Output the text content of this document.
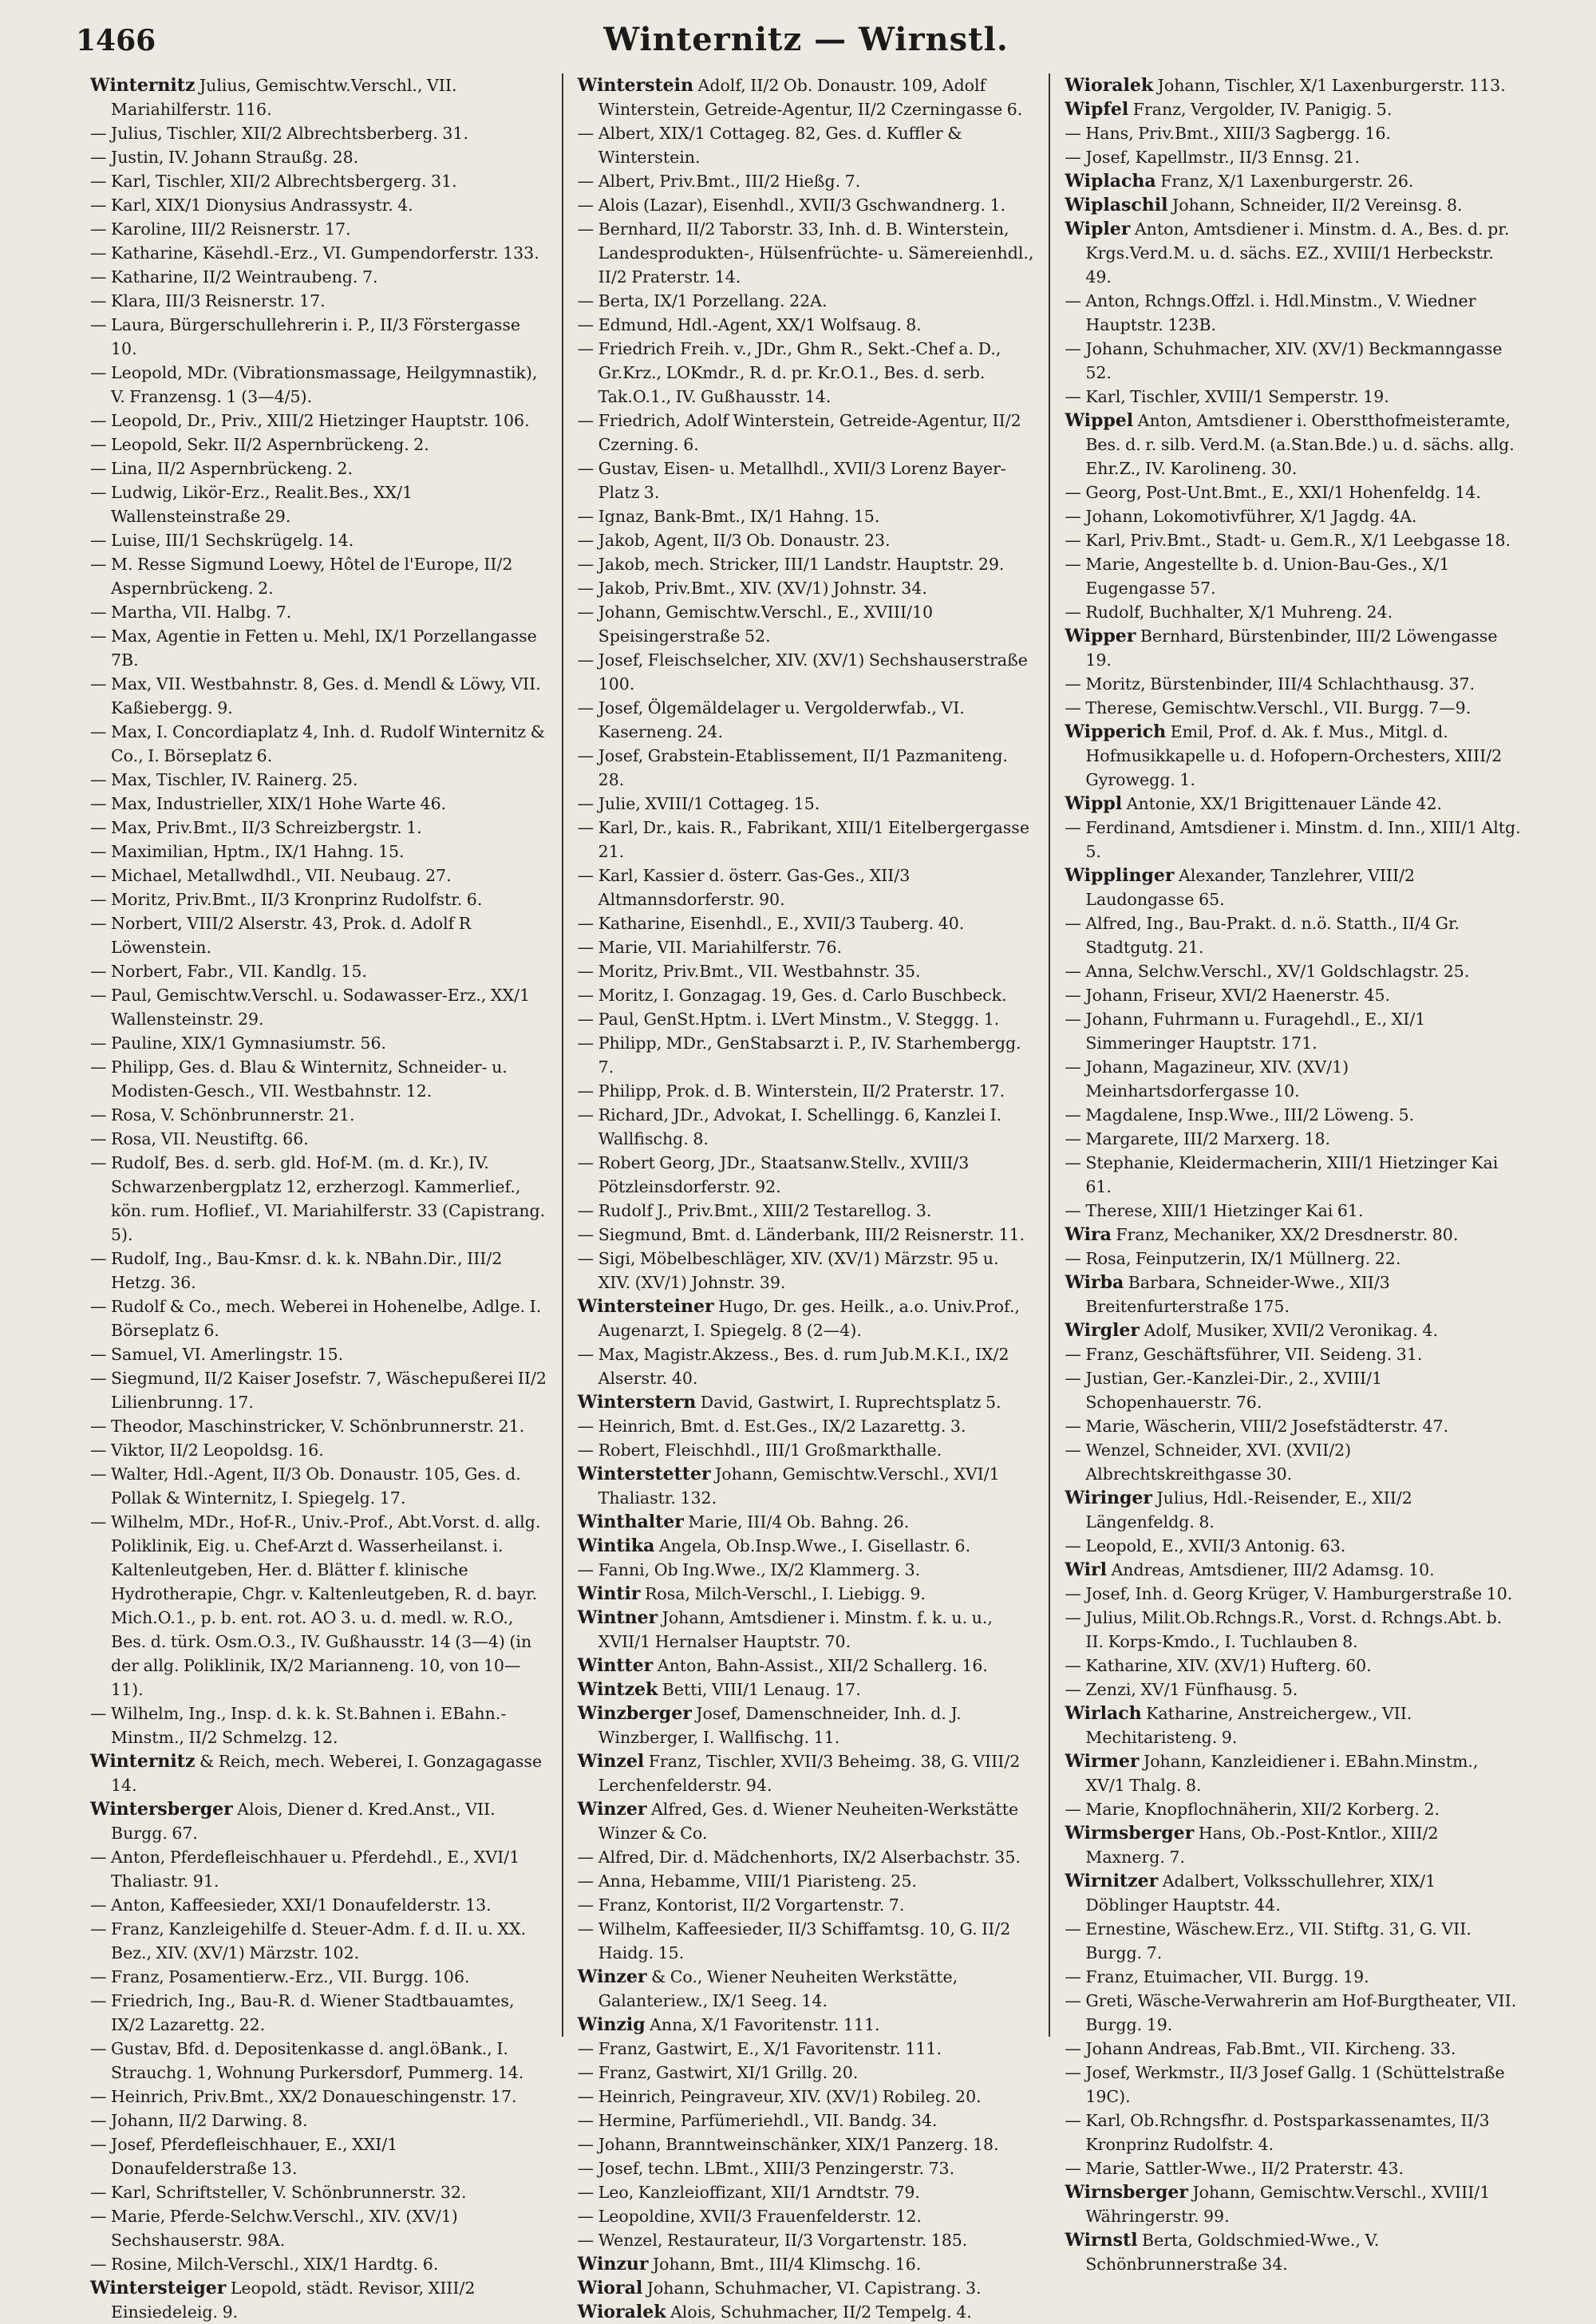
1466	Winternitz — Wirnstl.
Winternitz Julius, Gemischtw.Verschl., VII. Mariahilferstr. 116.
— Julius, Tischler, XII/2 Albrechtsberberg. 31.
— Justin, IV. Johann Straußg. 28.
— Karl, Tischler, XII/2 Albrechtsbergerg. 31.
— Karl, XIX/1 Dionysius Andrassystr. 4.
— Karoline, III/2 Reisnerstr. 17.
— Katharine, Käsehdl.-Erz., VI. Gumpendorferstr. 133.
— Katharine, II/2 Weintraubeng. 7.
— Klara, III/3 Reisnerstr. 17.
— Laura, Bürgerschullehrerin i. P., II/3 Förstergasse 10.
— Leopold, MDr. (Vibrationsmassage, Heilgymnastik), V. Franzensg. 1 (3—4/5).
— Leopold, Dr., Priv., XIII/2 Hietzinger Hauptstr. 106.
— Leopold, Sekr. II/2 Aspernbrückeng. 2.
— Lina, II/2 Aspernbrückeng. 2.
— Ludwig, Likör-Erz., Realit.Bes., XX/1 Wallensteinstraße 29.
— Luise, III/1 Sechskrügelg. 14.
— M. Resse Sigmund Loewy, Hôtel de l'Europe, II/2 Aspernbrückeng. 2.
— Martha, VII. Halbg. 7.
— Max, Agentie in Fetten u. Mehl, IX/1 Porzellangasse 7B.
— Max, VII. Westbahnstr. 8, Ges. d. Mendl & Löwy, VII. Kaßiebergg. 9.
— Max, I. Concordiaplatz 4, Inh. d. Rudolf Winternitz & Co., I. Börseplatz 6.
— Max, Tischler, IV. Rainerg. 25.
— Max, Industrieller, XIX/1 Hohe Warte 46.
— Max, Priv.Bmt., II/3 Schreizbergstr. 1.
— Maximilian, Hptm., IX/1 Hahng. 15.
— Michael, Metallwdhdl., VII. Neubaug. 27.
— Moritz, Priv.Bmt., II/3 Kronprinz Rudolfstr. 6.
— Norbert, VIII/2 Alserstr. 43, Prok. d. Adolf R Löwenstein.
— Norbert, Fabr., VII. Kandlg. 15.
— Paul, Gemischtw.Verschl. u. Sodawasser-Erz., XX/1 Wallensteinstr. 29.
— Pauline, XIX/1 Gymnasiumstr. 56.
— Philipp, Ges. d. Blau & Winternitz, Schneider- u. Modisten-Gesch., VII. Westbahnstr. 12.
— Rosa, V. Schönbrunnerstr. 21.
— Rosa, VII. Neustiftg. 66.
— Rudolf, Bes. d. serb. gld. Hof-M. (m. d. Kr.), IV. Schwarzenbergplatz 12, erzherzogl. Kammerlief., kön. rum. Hoflief., VI. Mariahilferstr. 33 (Capistrang. 5).
— Rudolf, Ing., Bau-Kmsr. d. k. k. NBahn.Dir., III/2 Hetzg. 36.
— Rudolf & Co., mech. Weberei in Hohenelbe, Adlge. I. Börseplatz 6.
— Samuel, VI. Amerlingstr. 15.
— Siegmund, II/2 Kaiser Josefstr. 7, Wäschepußerei II/2 Lilienbrunng. 17.
— Theodor, Maschinstricker, V. Schönbrunnerstr. 21.
— Viktor, II/2 Leopoldsg. 16.
— Walter, Hdl.-Agent, II/3 Ob. Donaustr. 105, Ges. d. Pollak & Winternitz, I. Spiegelg. 17.
— Wilhelm, MDr., Hof-R., Univ.-Prof., Abt.Vorst. d. allg. Poliklinik, Eig. u. Chef-Arzt d. Wasserheilanst. i. Kaltenleutgeben, Her. d. Blätter f. klinische Hydrotherapie, Chgr. v. Kaltenleutgeben, R. d. bayr. Mich.O.1., p. b. ent. rot. AO 3. u. d. medl. w. R.O., Bes. d. türk. Osm.O.3., IV. Gußhausstr. 14 (3—4) (in der allg. Poliklinik, IX/2 Marianneng. 10, von 10—11).
— Wilhelm, Ing., Insp. d. k. k. St.Bahnen i. EBahn.-Minstm., II/2 Schmelzg. 12.
Winternitz & Reich, mech. Weberei, I. Gonzagagasse 14.
Wintersberger Alois, Diener d. Kred.Anst., VII. Burgg. 67.
— Anton, Pferdefleischhauer u. Pferdehdl., E., XVI/1 Thaliastr. 91.
— Anton, Kaffeesieder, XXI/1 Donaufelderstr. 13.
— Franz, Kanzleigehilfe d. Steuer-Adm. f. d. II. u. XX. Bez., XIV. (XV/1) Märzstr. 102.
— Franz, Posamentierw.-Erz., VII. Burgg. 106.
— Friedrich, Ing., Bau-R. d. Wiener Stadtbauamtes, IX/2 Lazarettg. 22.
— Gustav, Bfd. d. Depositenkasse d. angl.öBank., I. Strauchg. 1, Wohnung Purkersdorf, Pummerg. 14.
— Heinrich, Priv.Bmt., XX/2 Donaueschingenstr. 17.
— Johann, II/2 Darwing. 8.
— Josef, Pferdefleischhauer, E., XXI/1 Donaufelderstraße 13.
— Karl, Schriftsteller, V. Schönbrunnerstr. 32.
— Marie, Pferde-Selchw.Verschl., XIV. (XV/1) Sechshauserstr. 98A.
— Rosine, Milch-Verschl., XIX/1 Hardtg. 6.
Wintersteiger Leopold, städt. Revisor, XIII/2 Einsiedeleig. 9.
Winterstein Adolf, II/2 Ob. Donaustr. 109, Adolf Winterstein, Getreide-Agentur, II/2 Czerningasse 6.
— Albert, XIX/1 Cottageg. 82, Ges. d. Kuffler & Winterstein.
— Albert, Priv.Bmt., III/2 Hießg. 7.
— Alois (Lazar), Eisenhdl., XVII/3 Gschwandnerg. 1.
— Bernhard, II/2 Taborstr. 33, Inh. d. B. Winterstein, Landesprodukten-, Hülsenfrüchte- u. Sämereienhdl., II/2 Praterstr. 14.
— Berta, IX/1 Porzellang. 22A.
— Edmund, Hdl.-Agent, XX/1 Wolfsaug. 8.
— Friedrich Freih. v., JDr., Ghm R., Sekt.-Chef a. D., Gr.Krz., LOKmdr., R. d. pr. Kr.O.1., Bes. d. serb. Tak.O.1., IV. Gußhausstr. 14.
— Friedrich, Adolf Winterstein, Getreide-Agentur, II/2 Czerning. 6.
— Gustav, Eisen- u. Metallhdl., XVII/3 Lorenz Bayer-Platz 3.
— Ignaz, Bank-Bmt., IX/1 Hahng. 15.
— Jakob, Agent, II/3 Ob. Donaustr. 23.
— Jakob, mech. Stricker, III/1 Landstr. Hauptstr. 29.
— Jakob, Priv.Bmt., XIV. (XV/1) Johnstr. 34.
— Johann, Gemischtw.Verschl., E., XVIII/10 Speisingerstraße 52.
— Josef, Fleischselcher, XIV. (XV/1) Sechshauserstraße 100.
— Josef, Ölgemäldelager u. Vergolderwfab., VI. Kaserneng. 24.
— Josef, Grabstein-Etablissement, II/1 Pazmaniteng. 28.
— Julie, XVIII/1 Cottageg. 15.
— Karl, Dr., kais. R., Fabrikant, XIII/1 Eitelbergergasse 21.
— Karl, Kassier d. österr. Gas-Ges., XII/3 Altmannsdorferstr. 90.
— Katharine, Eisenhdl., E., XVII/3 Tauberg. 40.
— Marie, VII. Mariahilferstr. 76.
— Moritz, Priv.Bmt., VII. Westbahnstr. 35.
— Moritz, I. Gonzagag. 19, Ges. d. Carlo Buschbeck.
— Paul, GenSt.Hptm. i. LVert Minstm., V. Steggg. 1.
— Philipp, MDr., GenStabsarzt i. P., IV. Starhembergg. 7.
— Philipp, Prok. d. B. Winterstein, II/2 Praterstr. 17.
— Richard, JDr., Advokat, I. Schellingg. 6, Kanzlei I. Wallfischg. 8.
— Robert Georg, JDr., Staatsanw.Stellv., XVIII/3 Pötzleinsdorferstr. 92.
— Rudolf J., Priv.Bmt., XIII/2 Testarellog. 3.
— Siegmund, Bmt. d. Länderbank, III/2 Reisnerstr. 11.
— Sigi, Möbelbeschläger, XIV. (XV/1) Märzstr. 95 u. XIV. (XV/1) Johnstr. 39.
Wintersteiner Hugo, Dr. ges. Heilk., a.o. Univ.Prof., Augenarzt, I. Spiegelg. 8 (2—4).
— Max, Magistr.Akzess., Bes. d. rum Jub.M.K.I., IX/2 Alserstr. 40.
Winterstern David, Gastwirt, I. Ruprechtsplatz 5.
— Heinrich, Bmt. d. Est.Ges., IX/2 Lazarettg. 3.
— Robert, Fleischhdl., III/1 Großmarkthalle.
Winterstetter Johann, Gemischtw.Verschl., XVI/1 Thaliastr. 132.
Winthalter Marie, III/4 Ob. Bahng. 26.
Wintika Angela, Ob.Insp.Wwe., I. Gisellastr. 6.
— Fanni, Ob Ing.Wwe., IX/2 Klammerg. 3.
Wintir Rosa, Milch-Verschl., I. Liebigg. 9.
Wintner Johann, Amtsdiener i. Minstm. f. k. u. u., XVII/1 Hernalser Hauptstr. 70.
Wintter Anton, Bahn-Assist., XII/2 Schallerg. 16.
Wintzek Betti, VIII/1 Lenaug. 17.
Winzberger Josef, Damenschneider, Inh. d. J. Winzberger, I. Wallfischg. 11.
Winzel Franz, Tischler, XVII/3 Beheimg. 38, G. VIII/2 Lerchenfelderstr. 94.
Winzer Alfred, Ges. d. Wiener Neuheiten-Werkstätte Winzer & Co.
— Alfred, Dir. d. Mädchenhorts, IX/2 Alserbachstr. 35.
— Anna, Hebamme, VIII/1 Piaristeng. 25.
— Franz, Kontorist, II/2 Vorgartenstr. 7.
— Wilhelm, Kaffeesieder, II/3 Schiffamtsg. 10, G. II/2 Haidg. 15.
Winzer & Co., Wiener Neuheiten Werkstätte, Galanteriew., IX/1 Seeg. 14.
Winzig Anna, X/1 Favoritenstr. 111.
— Franz, Gastwirt, E., X/1 Favoritenstr. 111.
— Franz, Gastwirt, XI/1 Grillg. 20.
— Heinrich, Peingraveur, XIV. (XV/1) Robileg. 20.
— Hermine, Parfümeriehdl., VII. Bandg. 34.
— Johann, Branntweinschänker, XIX/1 Panzerg. 18.
— Josef, techn. LBmt., XIII/3 Penzingerstr. 73.
— Leo, Kanzleioffizant, XII/1 Arndtstr. 79.
— Leopoldine, XVII/3 Frauenfelderstr. 12.
— Wenzel, Restaurateur, II/3 Vorgartenstr. 185.
Winzur Johann, Bmt., III/4 Klimschg. 16.
Wioral Johann, Schuhmacher, VI. Capistrang. 3.
Wioralek Alois, Schuhmacher, II/2 Tempelg. 4.
Wioralek Johann, Tischler, X/1 Laxenburgerstr. 113.
Wipfel Franz, Vergolder, IV. Panigig. 5.
— Hans, Priv.Bmt., XIII/3 Sagbergg. 16.
— Josef, Kapellmstr., II/3 Ennsg. 21.
Wiplacha Franz, X/1 Laxenburgerstr. 26.
Wiplaschil Johann, Schneider, II/2 Vereinsg. 8.
Wipler Anton, Amtsdiener i. Minstm. d. A., Bes. d. pr. Krgs.Verd.M. u. d. sächs. EZ., XVIII/1 Herbeckstr. 49.
— Anton, Rchngs.Offzl. i. Hdl.Minstm., V. Wiedner Hauptstr. 123B.
— Johann, Schuhmacher, XIV. (XV/1) Beckmanngasse 52.
— Karl, Tischler, XVIII/1 Semperstr. 19.
Wippel Anton, Amtsdiener i. Oberstthofmeisteramte, Bes. d. r. silb. Verd.M. (a.Stan.Bde.) u. d. sächs. allg. Ehr.Z., IV. Karolineng. 30.
— Georg, Post-Unt.Bmt., E., XXI/1 Hohenfeldg. 14.
— Johann, Lokomotivführer, X/1 Jagdg. 4A.
— Karl, Priv.Bmt., Stadt- u. Gem.R., X/1 Leebgasse 18.
— Marie, Angestellte b. d. Union-Bau-Ges., X/1 Eugengasse 57.
— Rudolf, Buchhalter, X/1 Muhreng. 24.
Wipper Bernhard, Bürstenbinder, III/2 Löwengasse 19.
— Moritz, Bürstenbinder, III/4 Schlachthausg. 37.
— Therese, Gemischtw.Verschl., VII. Burgg. 7—9.
Wipperich Emil, Prof. d. Ak. f. Mus., Mitgl. d. Hofmusikkapelle u. d. Hofopern-Orchesters, XIII/2 Gyrowegg. 1.
Wippl Antonie, XX/1 Brigittenauer Lände 42.
— Ferdinand, Amtsdiener i. Minstm. d. Inn., XIII/1 Altg. 5.
Wipplinger Alexander, Tanzlehrer, VIII/2 Laudongasse 65.
— Alfred, Ing., Bau-Prakt. d. n.ö. Statth., II/4 Gr. Stadtgutg. 21.
— Anna, Selchw.Verschl., XV/1 Goldschlagstr. 25.
— Johann, Friseur, XVI/2 Haenerstr. 45.
— Johann, Fuhrmann u. Furagehdl., E., XI/1 Simmeringer Hauptstr. 171.
— Johann, Magazineur, XIV. (XV/1) Meinhartsdorfergasse 10.
— Magdalene, Insp.Wwe., III/2 Löweng. 5.
— Margarete, III/2 Marxerg. 18.
— Stephanie, Kleidermacherin, XIII/1 Hietzinger Kai 61.
— Therese, XIII/1 Hietzinger Kai 61.
Wira Franz, Mechaniker, XX/2 Dresdnerstr. 80.
— Rosa, Feinputzerin, IX/1 Müllnerg. 22.
Wirba Barbara, Schneider-Wwe., XII/3 Breitenfurterstraße 175.
Wirgler Adolf, Musiker, XVII/2 Veronikag. 4.
— Franz, Geschäftsführer, VII. Seideng. 31.
— Justian, Ger.-Kanzlei-Dir., 2., XVIII/1 Schopenhauerstr. 76.
— Marie, Wäscherin, VIII/2 Josefstädterstr. 47.
— Wenzel, Schneider, XVI. (XVII/2) Albrechtskreithgasse 30.
Wiringer Julius, Hdl.-Reisender, E., XII/2 Längenfeldg. 8.
— Leopold, E., XVII/3 Antonig. 63.
Wirl Andreas, Amtsdiener, III/2 Adamsg. 10.
— Josef, Inh. d. Georg Krüger, V. Hamburgerstraße 10.
— Julius, Milit.Ob.Rchngs.R., Vorst. d. Rchngs.Abt. b. II. Korps-Kmdo., I. Tuchlauben 8.
— Katharine, XIV. (XV/1) Hufterg. 60.
— Zenzi, XV/1 Fünfhausg. 5.
Wirlach Katharine, Anstreichergew., VII. Mechitaristeng. 9.
Wirmer Johann, Kanzleidiener i. EBahn.Minstm., XV/1 Thalg. 8.
— Marie, Knopflochnäherin, XII/2 Korberg. 2.
Wirmsberger Hans, Ob.-Post-Kntlor., XIII/2 Maxnerg. 7.
Wirnitzer Adalbert, Volksschullehrer, XIX/1 Döblinger Hauptstr. 44.
— Ernestine, Wäschew.Erz., VII. Stiftg. 31, G. VII. Burgg. 7.
— Franz, Etuimacher, VII. Burgg. 19.
— Greti, Wäsche-Verwahrerin am Hof-Burgtheater, VII. Burgg. 19.
— Johann Andreas, Fab.Bmt., VII. Kircheng. 33.
— Josef, Werkmstr., II/3 Josef Gallg. 1 (Schüttelstraße 19C).
— Karl, Ob.Rchngsfhr. d. Postsparkassenamtes, II/3 Kronprinz Rudolfstr. 4.
— Marie, Sattler-Wwe., II/2 Praterstr. 43.
Wirnsberger Johann, Gemischtw.Verschl., XVIII/1 Währingerstr. 99.
Wirnstl Berta, Goldschmied-Wwe., V. Schönbrunnerstraße 34.
